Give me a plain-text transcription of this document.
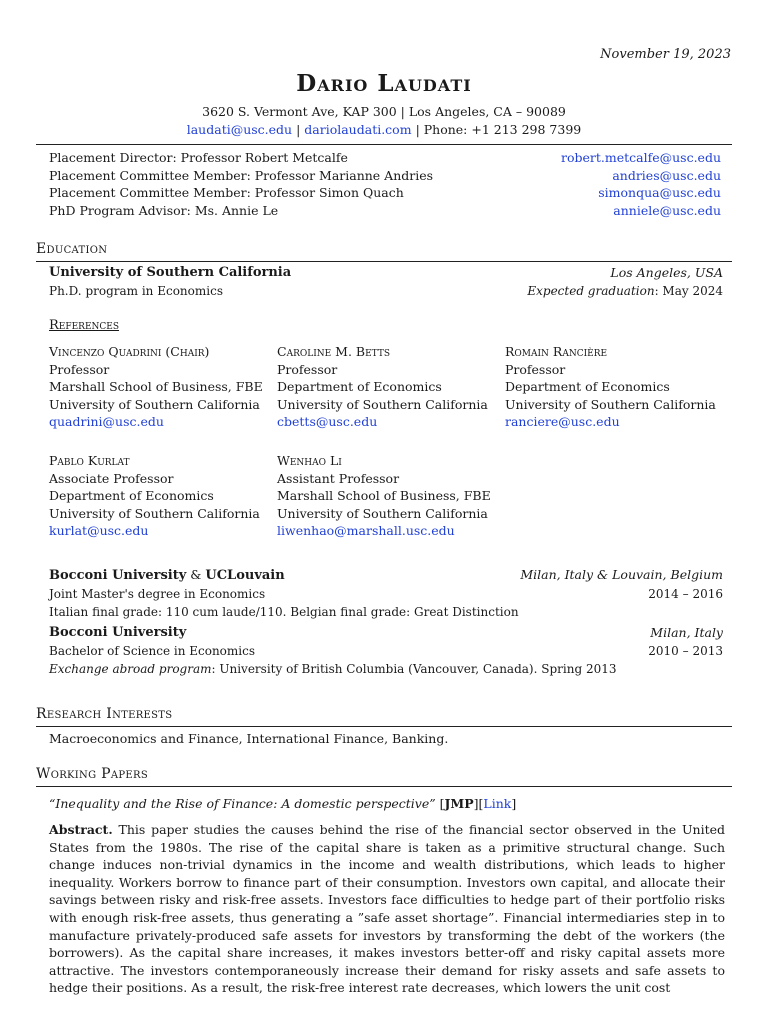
November 19, 2023
Dario Laudati
3620 S. Vermont Ave, KAP 300 | Los Angeles, CA – 90089
laudati@usc.edu | dariolaudati.com | Phone: +1 213 298 7399
Placement Director: Professor Robert Metcalfe	robert.metcalfe@usc.edu
Placement Committee Member: Professor Marianne Andries	andries@usc.edu
Placement Committee Member: Professor Simon Quach	simonqua@usc.edu
PhD Program Advisor: Ms. Annie Le	anniele@usc.edu
Education
University of Southern California	Los Angeles, USA
Ph.D. program in Economics	Expected graduation: May 2024
References
Vincenzo Quadrini (Chair)
Professor
Marshall School of Business, FBE
University of Southern California
quadrini@usc.edu
Caroline M. Betts
Professor
Department of Economics
University of Southern California
cbetts@usc.edu
Romain Rancière
Professor
Department of Economics
University of Southern California
ranciere@usc.edu
Pablo Kurlat
Associate Professor
Department of Economics
University of Southern California
kurlat@usc.edu
Wenhao Li
Assistant Professor
Marshall School of Business, FBE
University of Southern California
liwenhao@marshall.usc.edu
Bocconi University & UCLouvain	Milan, Italy & Louvain, Belgium
Joint Master's degree in Economics	2014 – 2016
Italian final grade: 110 cum laude/110. Belgian final grade: Great Distinction
Bocconi University	Milan, Italy
Bachelor of Science in Economics	2010 – 2013
Exchange abroad program: University of British Columbia (Vancouver, Canada). Spring 2013
Research Interests
Macroeconomics and Finance, International Finance, Banking.
Working Papers
“Inequality and the Rise of Finance: A domestic perspective” [JMP][Link]
Abstract. This paper studies the causes behind the rise of the financial sector observed in the United States from the 1980s. The rise of the capital share is taken as a primitive structural change. Such change induces non-trivial dynamics in the income and wealth distributions, which leads to higher inequality. Workers borrow to finance part of their consumption. Investors own capital, and allocate their savings between risky and risk-free assets. Investors face difficulties to hedge part of their portfolio risks with enough risk-free assets, thus generating a ”safe asset shortage”. Financial intermediaries step in to manufacture privately-produced safe assets for investors by transforming the debt of the workers (the borrowers). As the capital share increases, it makes investors better-off and risky capital assets more attractive. The investors contemporaneously increase their demand for risky assets and safe assets to hedge their positions. As a result, the risk-free interest rate decreases, which lowers the unit cost
